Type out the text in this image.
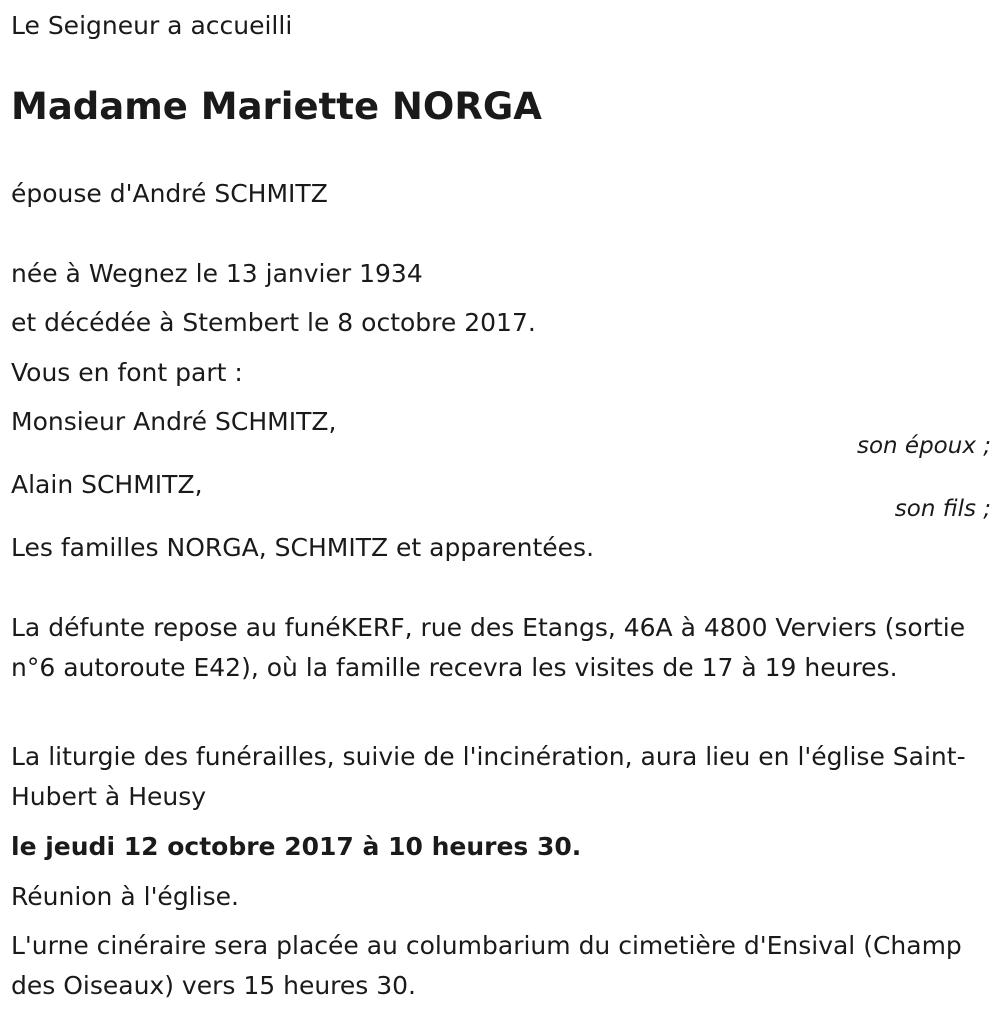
Le Seigneur a accueilli
Madame Mariette NORGA
épouse d'André SCHMITZ
née à Wegnez le 13 janvier 1934
et décédée à Stembert le 8 octobre 2017.
Vous en font part :
Monsieur André SCHMITZ,
son époux ;
Alain SCHMITZ,
son fils ;
Les familles NORGA, SCHMITZ et apparentées.
La défunte repose au funéKERF, rue des Etangs, 46A à 4800 Verviers (sortie n°6 autoroute E42), où la famille recevra les visites de 17 à 19 heures.
La liturgie des funérailles, suivie de l'incinération, aura lieu en l'église Saint-Hubert à Heusy
le jeudi 12 octobre 2017 à 10 heures 30.
Réunion à l'église.
L'urne cinéraire sera placée au columbarium du cimetière d'Ensival (Champ des Oiseaux) vers 15 heures 30.
